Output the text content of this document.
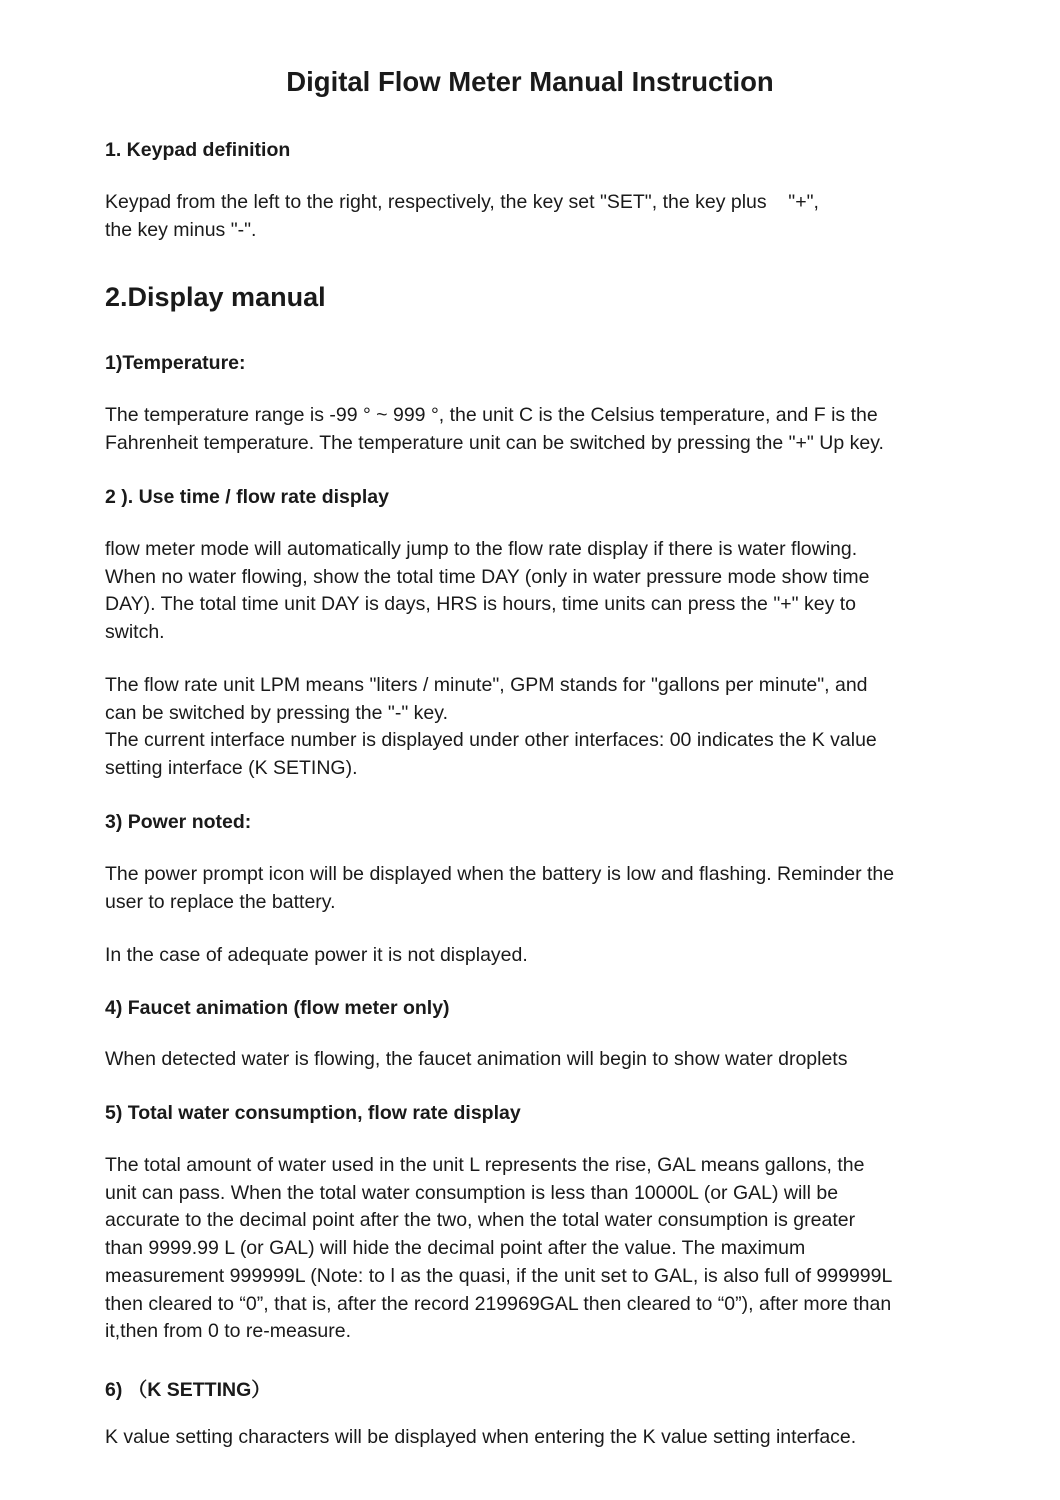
Digital Flow Meter Manual Instruction
1. Keypad definition
Keypad from the left to the right, respectively, the key set "SET", the key plus    "+",
the key minus "-".
2.Display manual
1)Temperature:
The temperature range is -99 ° ~ 999 °, the unit C is the Celsius temperature, and F is the
Fahrenheit temperature. The temperature unit can be switched by pressing the "+" Up key.
2 ). Use time / flow rate display
flow meter mode will automatically jump to the flow rate display if there is water flowing.
When no water flowing, show the total time DAY (only in water pressure mode show time
DAY). The total time unit DAY is days, HRS is hours, time units can press the "+" key to
switch.
The flow rate unit LPM means "liters / minute", GPM stands for "gallons per minute", and
can be switched by pressing the "-" key.
The current interface number is displayed under other interfaces: 00 indicates the K value
setting interface (K SETING).
3) Power noted:
The power prompt icon will be displayed when the battery is low and flashing. Reminder the
user to replace the battery.
In the case of adequate power it is not displayed.
4) Faucet animation (flow meter only)
When detected water is flowing, the faucet animation will begin to show water droplets
5) Total water consumption, flow rate display
The total amount of water used in the unit L represents the rise, GAL means gallons, the
unit can pass. When the total water consumption is less than 10000L (or GAL) will be
accurate to the decimal point after the two, when the total water consumption is greater
than 9999.99 L (or GAL) will hide the decimal point after the value. The maximum
measurement 999999L (Note: to l as the quasi, if the unit set to GAL, is also full of 999999L
then cleared to “0”, that is, after the record 219969GAL then cleared to “0”), after more than
it,then from 0 to re-measure.
6) （K SETTING）
K value setting characters will be displayed when entering the K value setting interface.
